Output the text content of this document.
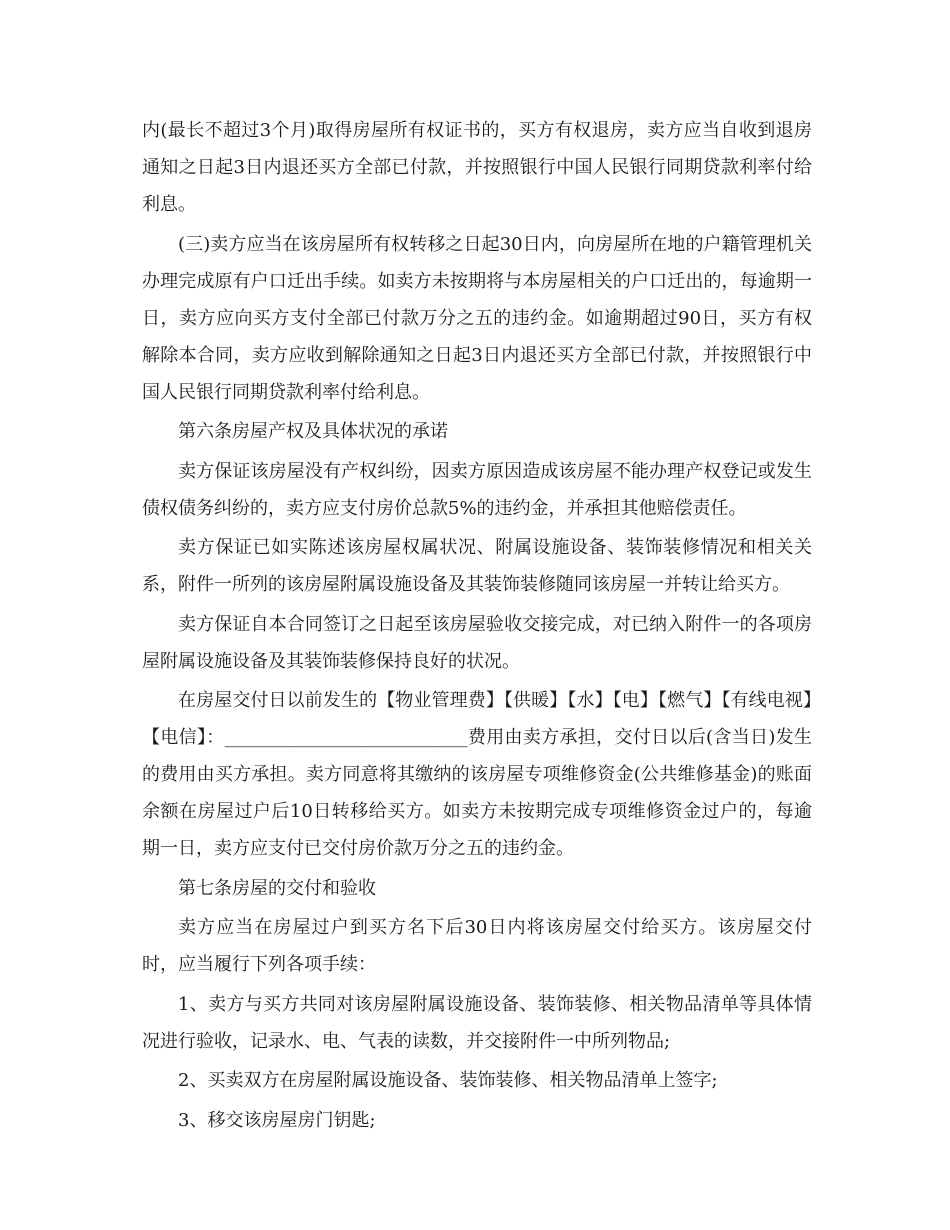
内(最长不超过3个月)取得房屋所有权证书的，买方有权退房，卖方应当自收到退房通知之日起3日内退还买方全部已付款，并按照银行中国人民银行同期贷款利率付给利息。

(三)卖方应当在该房屋所有权转移之日起30日内，向房屋所在地的户籍管理机关办理完成原有户口迁出手续。如卖方未按期将与本房屋相关的户口迁出的，每逾期一日，卖方应向买方支付全部已付款万分之五的违约金。如逾期超过90日，买方有权解除本合同，卖方应收到解除通知之日起3日内退还买方全部已付款，并按照银行中国人民银行同期贷款利率付给利息。

第六条房屋产权及具体状况的承诺

卖方保证该房屋没有产权纠纷，因卖方原因造成该房屋不能办理产权登记或发生债权债务纠纷的，卖方应支付房价总款5%的违约金，并承担其他赔偿责任。

卖方保证已如实陈述该房屋权属状况、附属设施设备、装饰装修情况和相关关系，附件一所列的该房屋附属设施设备及其装饰装修随同该房屋一并转让给买方。

卖方保证自本合同签订之日起至该房屋验收交接完成，对已纳入附件一的各项房屋附属设施设备及其装饰装修保持良好的状况。

在房屋交付日以前发生的【物业管理费】【供暖】【水】【电】【燃气】【有线电视】【电信】：___________________________费用由卖方承担，交付日以后(含当日)发生的费用由买方承担。卖方同意将其缴纳的该房屋专项维修资金(公共维修基金)的账面余额在房屋过户后10日转移给买方。如卖方未按期完成专项维修资金过户的，每逾期一日，卖方应支付已交付房价款万分之五的违约金。

第七条房屋的交付和验收

卖方应当在房屋过户到买方名下后30日内将该房屋交付给买方。该房屋交付时，应当履行下列各项手续：

1、卖方与买方共同对该房屋附属设施设备、装饰装修、相关物品清单等具体情况进行验收，记录水、电、气表的读数，并交接附件一中所列物品;

2、买卖双方在房屋附属设施设备、装饰装修、相关物品清单上签字;

3、移交该房屋房门钥匙;
